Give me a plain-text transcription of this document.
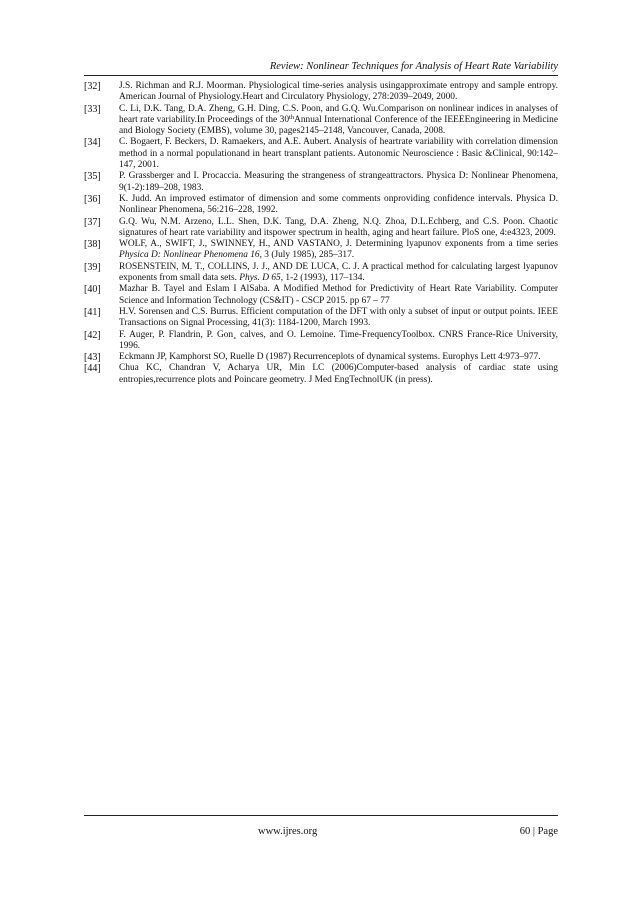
Review: Nonlinear Techniques for Analysis of Heart Rate Variability
[32]	J.S. Richman and R.J. Moorman. Physiological time-series analysis usingapproximate entropy and sample entropy. American Journal of Physiology.Heart and Circulatory Physiology, 278:2039–2049, 2000.
[33]	C. Li, D.K. Tang, D.A. Zheng, G.H. Ding, C.S. Poon, and G.Q. Wu.Comparison on nonlinear indices in analyses of heart rate variability.In Proceedings of the 30thAnnual International Conference of the IEEEEngineering in Medicine and Biology Society (EMBS), volume 30, pages2145–2148, Vancouver, Canada, 2008.
[34]	C. Bogaert, F. Beckers, D. Ramaekers, and A.E. Aubert. Analysis of heartrate variability with correlation dimension method in a normal populationand in heart transplant patients. Autonomic Neuroscience : Basic &Clinical, 90:142–147, 2001.
[35]	P. Grassberger and I. Procaccia. Measuring the strangeness of strangeattractors. Physica D: Nonlinear Phenomena, 9(1-2):189–208, 1983.
[36]	K. Judd. An improved estimator of dimension and some comments onproviding confidence intervals. Physica D. Nonlinear Phenomena, 56:216–228, 1992.
[37]	G.Q. Wu, N.M. Arzeno, L.L. Shen, D.K. Tang, D.A. Zheng, N.Q. Zhoa, D.L.Echberg, and C.S. Poon. Chaotic signatures of heart rate variability and itspower spectrum in health, aging and heart failure. PloS one, 4:e4323, 2009.
[38]	WOLF, A., SWIFT, J., SWINNEY, H., AND VASTANO, J. Determining lyapunov exponents from a time series Physica D: Nonlinear Phenomena 16, 3 (July 1985), 285–317.
[39]	ROSENSTEIN, M. T., COLLINS, J. J., AND DE LUCA, C. J. A practical method for calculating largest lyapunov exponents from small data sets. Phys. D 65, 1-2 (1993), 117–134.
[40]	Mazhar B. Tayel and Eslam I AlSaba. A Modified Method for Predictivity of Heart Rate Variability. Computer Science and Information Technology (CS&IT) - CSCP 2015. pp 67 – 77
[41]	H.V. Sorensen and C.S. Burrus. Efficient computation of the DFT with only a subset of input or output points. IEEE Transactions on Signal Processing, 41(3): 1184-1200, March 1993.
[42]	F. Auger, P. Flandrin, P. Gon¸ calves, and O. Lemoine. Time-FrequencyToolbox. CNRS France-Rice University, 1996.
[43]	Eckmann JP, Kamphorst SO, Ruelle D (1987) Recurrenceplots of dynamical systems. Europhys Lett 4:973–977.
[44]	Chua KC, Chandran V, Acharya UR, Min LC (2006)Computer-based analysis of cardiac state using entropies,recurrence plots and Poincare geometry. J Med EngTechnolUK (in press).
www.ijres.org	60 | Page
